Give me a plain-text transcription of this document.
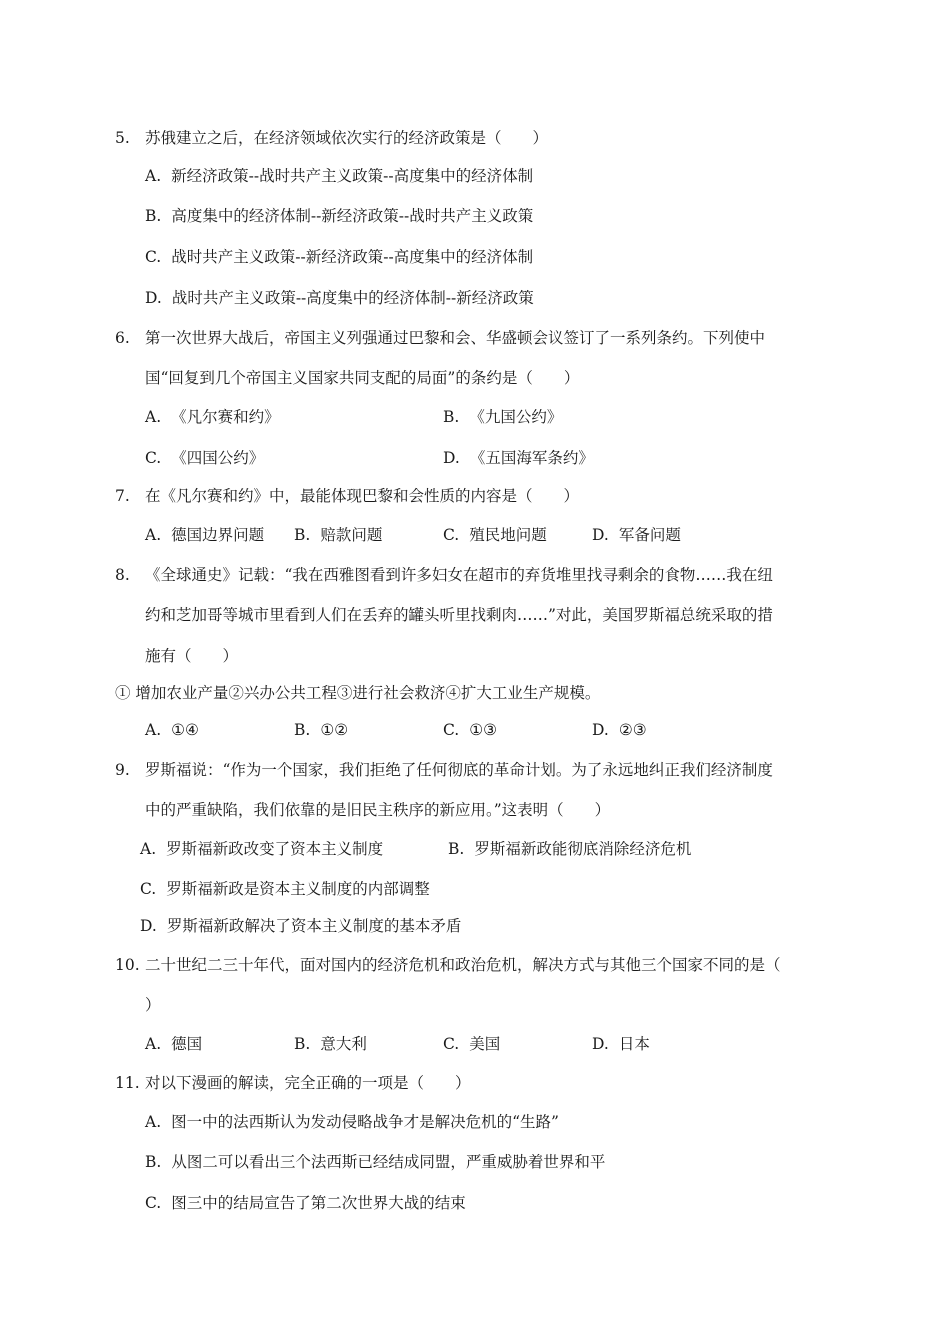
5. 苏俄建立之后，在经济领域依次实行的经济政策是（　　）
A. 新经济政策--战时共产主义政策--高度集中的经济体制
B. 高度集中的经济体制--新经济政策--战时共产主义政策
C. 战时共产主义政策--新经济政策--高度集中的经济体制
D. 战时共产主义政策--高度集中的经济体制--新经济政策
6. 第一次世界大战后，帝国主义列强通过巴黎和会、华盛顿会议签订了一系列条约。下列使中
国“回复到几个帝国主义国家共同支配的局面”的条约是（　　）
A. 《凡尔赛和约》	B. 《九国公约》
C. 《四国公约》	D. 《五国海军条约》
7. 在《凡尔赛和约》中，最能体现巴黎和会性质的内容是（　　）
A. 德国边界问题 B. 赔款问题	C. 殖民地问题	D. 军备问题
8. 《全球通史》记载：“我在西雅图看到许多妇女在超市的弃货堆里找寻剩余的食物……我在纽
约和芝加哥等城市里看到人们在丢弃的罐头听里找剩肉……”对此，美国罗斯福总统采取的措
施有（　　）
① 增加农业产量②兴办公共工程③进行社会救济④扩大工业生产规模。
A. ①④	B. ①②	C. ①③	D. ②③
9. 罗斯福说：“作为一个国家，我们拒绝了任何彻底的革命计划。为了永远地纠正我们经济制度
中的严重缺陷，我们依靠的是旧民主秩序的新应用。”这表明（　　）
A. 罗斯福新政改变了资本主义制度	B. 罗斯福新政能彻底消除经济危机
C. 罗斯福新政是资本主义制度的内部调整
D. 罗斯福新政解决了资本主义制度的基本矛盾
10. 二十世纪二三十年代，面对国内的经济危机和政治危机，解决方式与其他三个国家不同的是（
）
A. 德国	B. 意大利	C. 美国	D. 日本
11. 对以下漫画的解读，完全正确的一项是（　　）
A. 图一中的法西斯认为发动侵略战争才是解决危机的“生路”
B. 从图二可以看出三个法西斯已经结成同盟，严重威胁着世界和平
C. 图三中的结局宣告了第二次世界大战的结束
